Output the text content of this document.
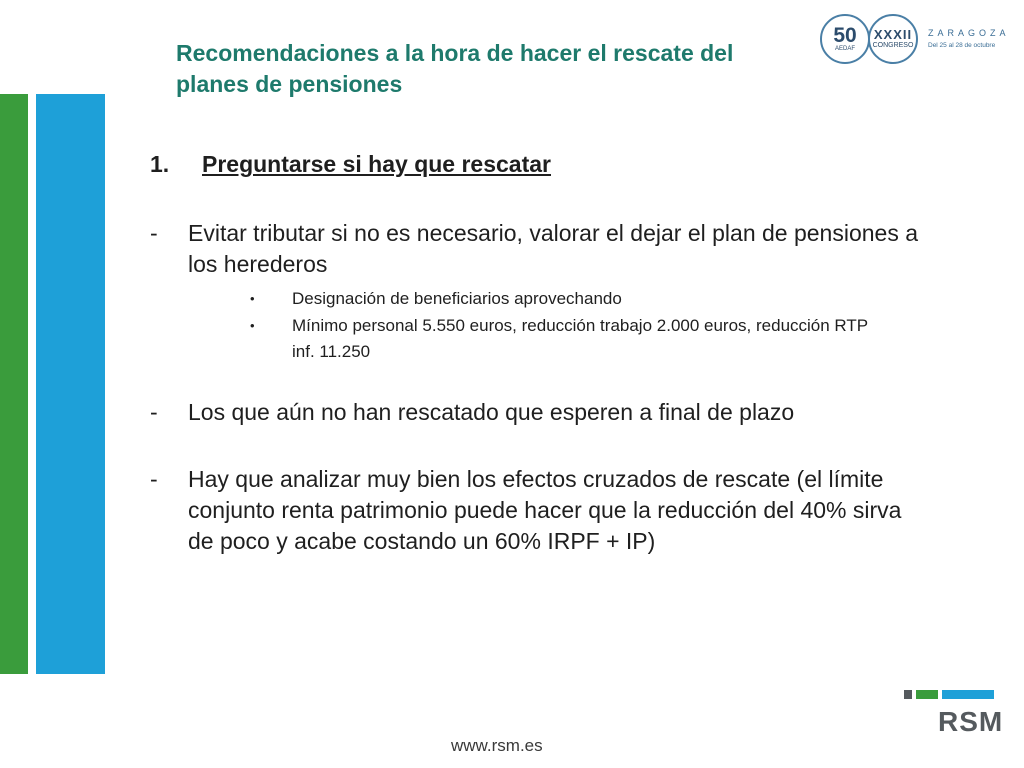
Recomendaciones a la hora de hacer el rescate del planes de pensiones
50
AEDAF
XXXII
CONGRESO
ZARAGOZA
Del 25 al 28 de octubre
1.	Preguntarse si hay que rescatar
-	Evitar tributar si no es necesario, valorar el dejar el plan de pensiones a los herederos
•	Designación de beneficiarios aprovechando
•	Mínimo personal 5.550 euros, reducción trabajo 2.000 euros, reducción RTP inf. 11.250
-	Los que aún no han rescatado que esperen a final de plazo
-	Hay que analizar muy bien los efectos cruzados de rescate (el límite conjunto renta patrimonio puede hacer que la reducción del 40% sirva de poco y acabe costando un 60% IRPF + IP)
www.rsm.es
RSM
